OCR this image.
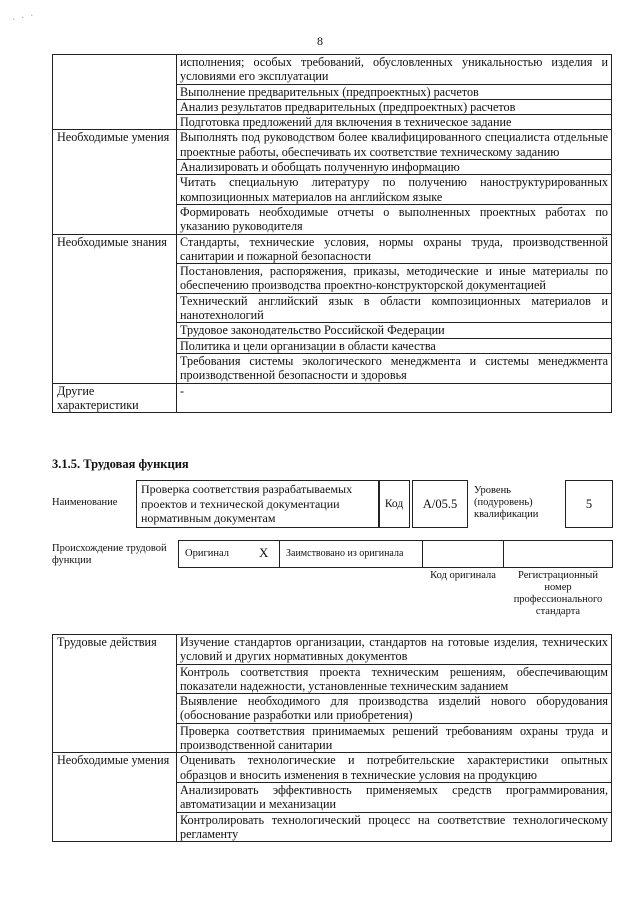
· · ·
8
	исполнения; особых требований, обусловленных уникальностью изделия и условиями его эксплуатации
	Выполнение предварительных (предпроектных) расчетов
	Анализ результатов предварительных (предпроектных) расчетов
	Подготовка предложений для включения в техническое задание
Необходимые умения	Выполнять под руководством более квалифицированного специалиста отдельные проектные работы, обеспечивать их соответствие техническому заданию
	Анализировать и обобщать полученную информацию
	Читать специальную литературу по получению наноструктурированных композиционных материалов на английском языке
	Формировать необходимые отчеты о выполненных проектных работах по указанию руководителя
Необходимые знания	Стандарты, технические условия, нормы охраны труда, производственной санитарии и пожарной безопасности
	Постановления, распоряжения, приказы, методические и иные материалы по обеспечению производства проектно-конструкторской документацией
	Технический английский язык в области композиционных материалов и нанотехнологий
	Трудовое законодательство Российской Федерации
	Политика и цели организации в области качества
	Требования системы экологического менеджмента и системы менеджмента производственной безопасности и здоровья
Другие характеристики	-
3.1.5. Трудовая функция
Наименование
Проверка соответствия разрабатываемых проектов и технической документации нормативным документам
Код	А/05.5
Уровень (подуровень) квалификации
5
Происхождение трудовой функции
Оригинал X Заимствовано из оригинала
Код оригинала	Регистрационный номер профессионального стандарта
Трудовые действия	Изучение стандартов организации, стандартов на готовые изделия, технических условий и других нормативных документов
	Контроль соответствия проекта техническим решениям, обеспечивающим показатели надежности, установленные техническим заданием
	Выявление необходимого для производства изделий нового оборудования (обоснование разработки или приобретения)
	Проверка соответствия принимаемых решений требованиям охраны труда и производственной санитарии
Необходимые умения	Оценивать технологические и потребительские характеристики опытных образцов и вносить изменения в технические условия на продукцию
	Анализировать эффективность применяемых средств программирования, автоматизации и механизации
	Контролировать технологический процесс на соответствие технологическому регламенту
